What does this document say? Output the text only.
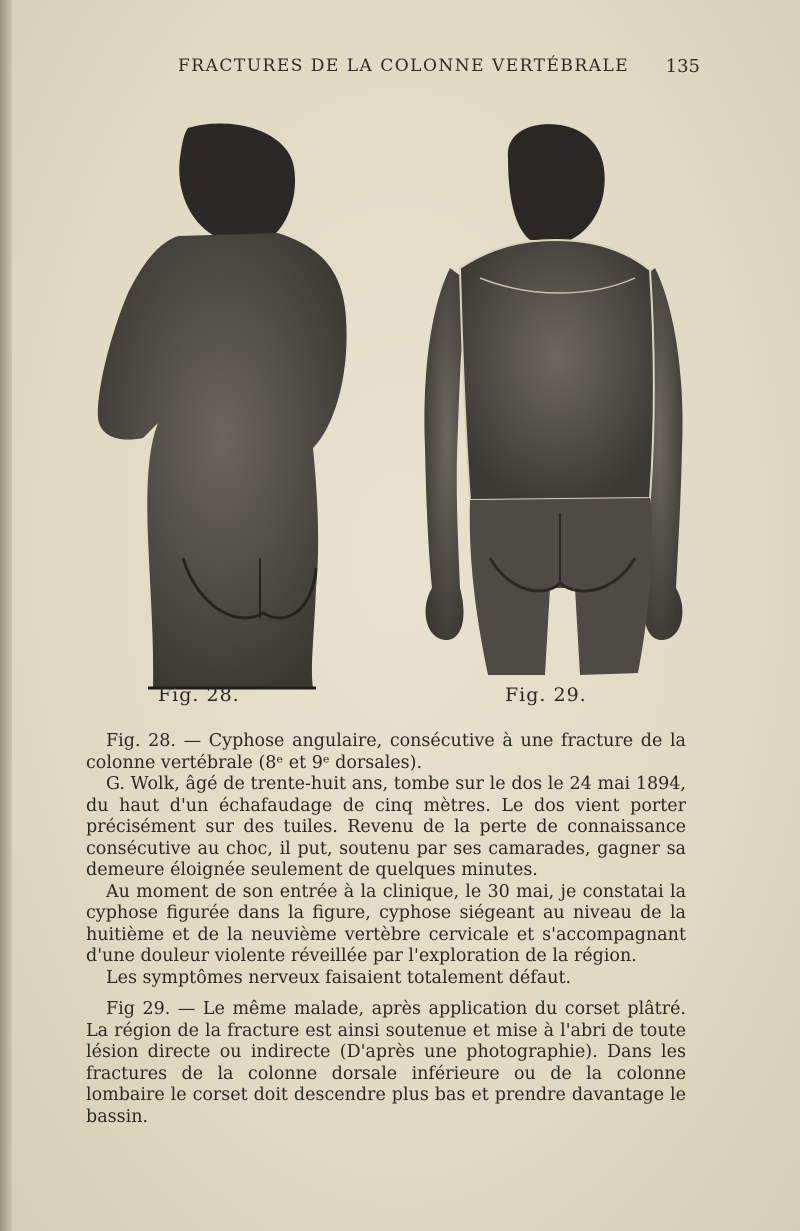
FRACTURES DE LA COLONNE VERTÉBRALE 135
Fig. 28.	Fig. 29.

Fig. 28. — Cyphose angulaire, consécutive à une fracture de la colonne vertébrale (8ᵉ et 9ᵉ dorsales).

G. Wolk, âgé de trente-huit ans, tombe sur le dos le 24 mai 1894, du haut d'un échafaudage de cinq mètres. Le dos vient porter précisément sur des tuiles. Revenu de la perte de connaissance consécutive au choc, il put, soutenu par ses camarades, gagner sa demeure éloignée seulement de quelques minutes.

Au moment de son entrée à la clinique, le 30 mai, je constatai la cyphose figurée dans la figure, cyphose siégeant au niveau de la huitième et de la neuvième vertèbre cervicale et s'accompagnant d'une douleur violente réveillée par l'exploration de la région.

Les symptômes nerveux faisaient totalement défaut.

Fig 29. — Le même malade, après application du corset plâtré. La région de la fracture est ainsi soutenue et mise à l'abri de toute lésion directe ou indirecte (D'après une photographie). Dans les fractures de la colonne dorsale inférieure ou de la colonne lombaire le corset doit descendre plus bas et prendre davantage le bassin.
